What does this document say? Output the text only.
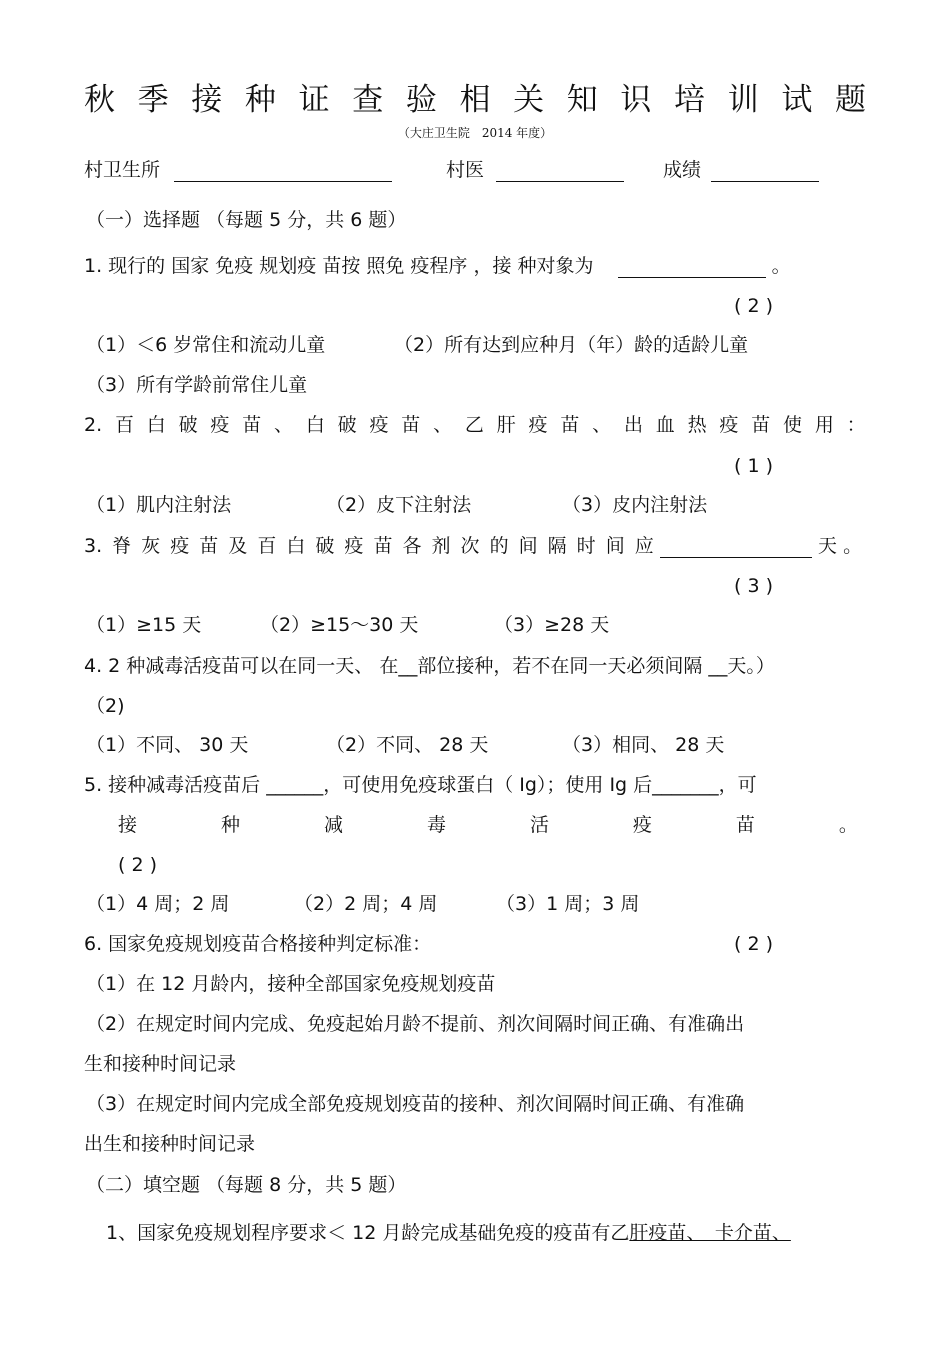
秋 季 接 种 证 查 验 相 关 知 识 培 训 试 题
（大庄卫生院　2014 年度）
村卫生所	村医	成绩
（一）选择题 （每题 5 分，共 6 题）
1. 现行的 国家 免疫 规划疫 苗按 照免 疫程序 ，接 种对象为	。
( 2 )
（1）＜6 岁常住和流动儿童	（2）所有达到应种月（年）龄的适龄儿童
（3）所有学龄前常住儿童
2. 百 白 破 疫 苗 、 白 破 疫 苗 、 乙 肝 疫 苗 、 出 血 热 疫 苗 使 用 ：
( 1 )
（1）肌内注射法	（2）皮下注射法	（3）皮内注射法
3. 脊 灰 疫 苗 及 百 白 破 疫 苗 各 剂 次 的 间 隔 时 间 应	天 。
( 3 )
（1）≥15 天	（2）≥15～30 天	（3）≥28 天
4. 2 种减毒活疫苗可以在同一天、 在__部位接种，若不在同一天必须间隔 __天。）
（2)
（1）不同、 30 天	（2）不同、 28 天	（3）相同、 28 天
5. 接种减毒活疫苗后 ______，可使用免疫球蛋白（ Ig）；使用 Ig 后_______，可
接	种	减	毒	活	疫	苗	。
( 2 )
（1）4 周；2 周	（2）2 周；4 周	（3）1 周；3 周
6. 国家免疫规划疫苗合格接种判定标准：	( 2 )
（1）在 12 月龄内，接种全部国家免疫规划疫苗
（2）在规定时间内完成、免疫起始月龄不提前、剂次间隔时间正确、有准确出
生和接种时间记录
（3）在规定时间内完成全部免疫规划疫苗的接种、剂次间隔时间正确、有准确
出生和接种时间记录
（二）填空题 （每题 8 分，共 5 题）
1、国家免疫规划程序要求＜ 12 月龄完成基础免疫的疫苗有乙肝疫苗、　卡介苗、
